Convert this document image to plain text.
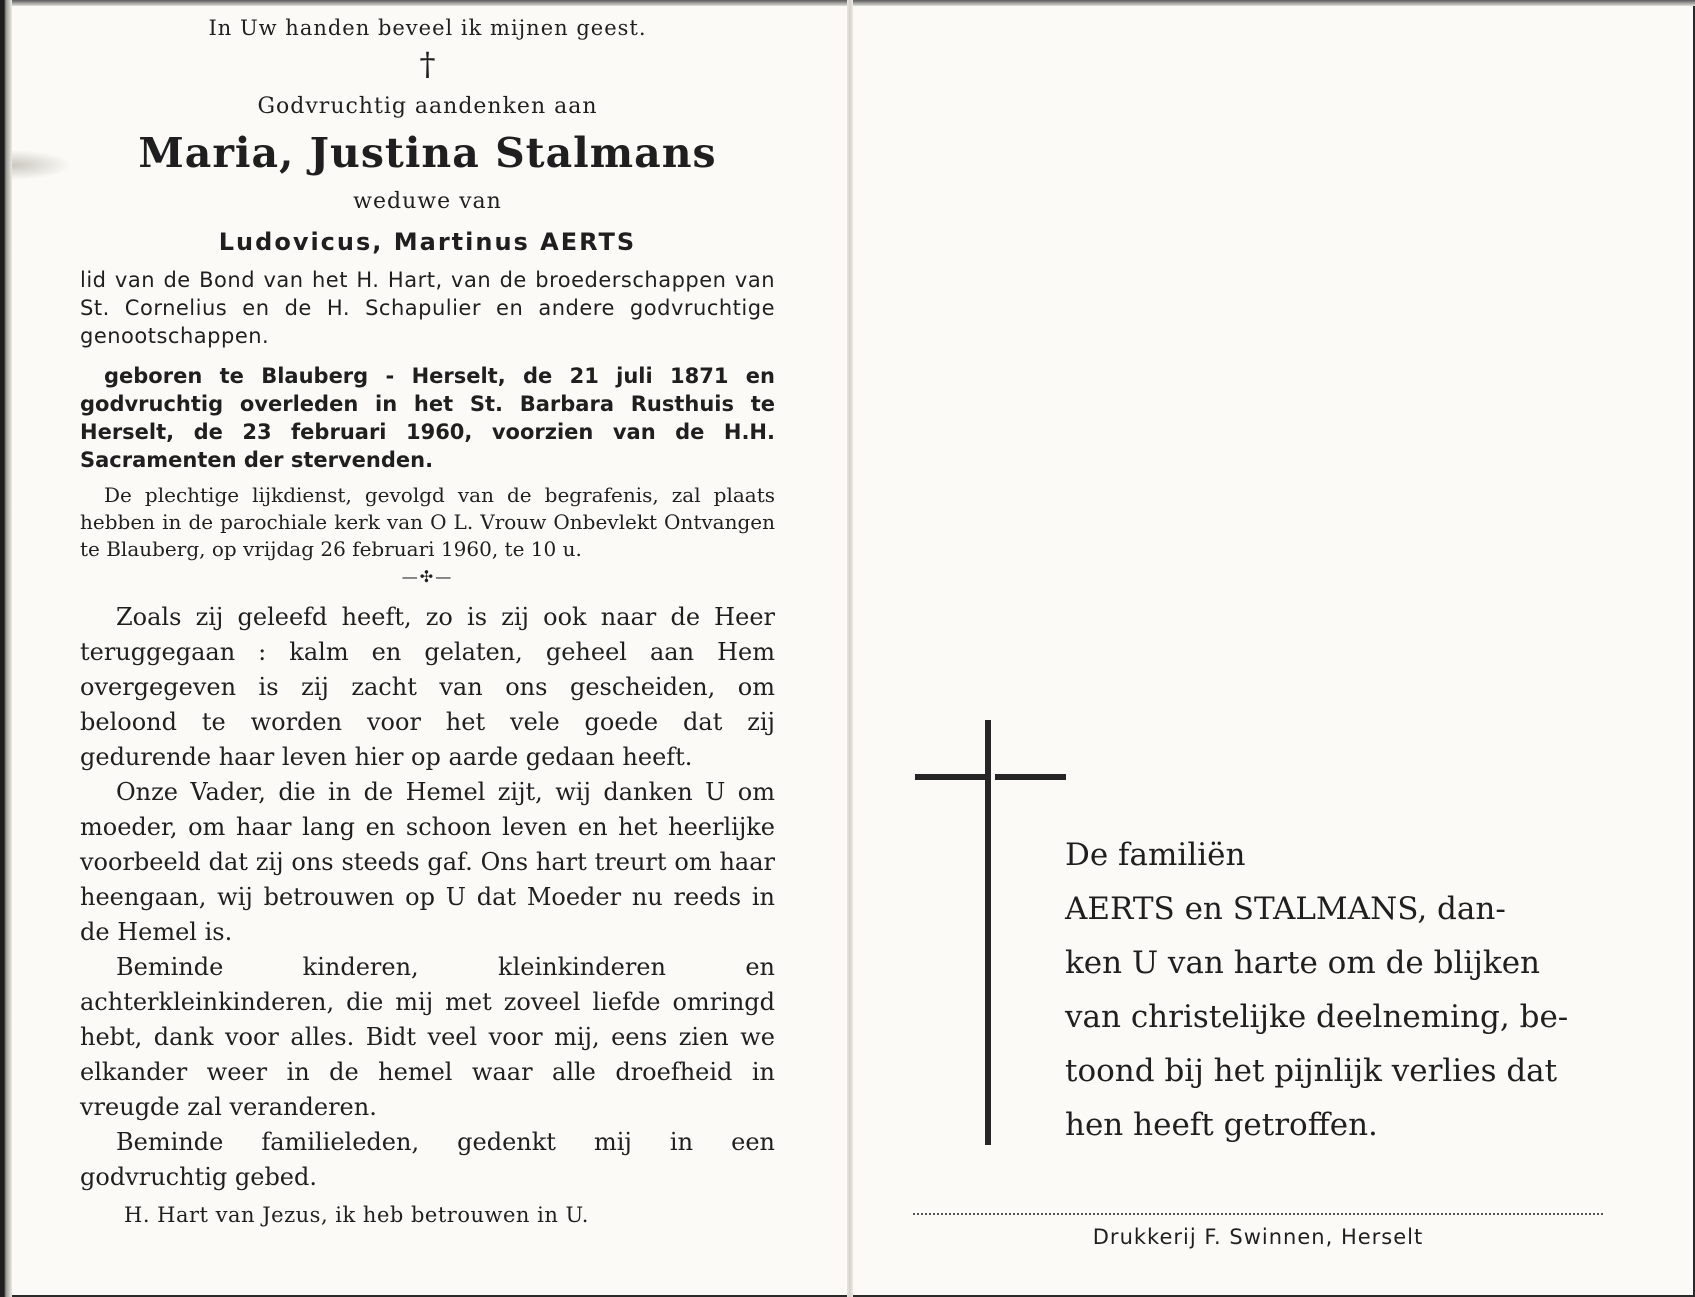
In Uw handen beveel ik mijnen geest.
†
Godvruchtig aandenken aan
Maria, Justina Stalmans
weduwe van
Ludovicus, Martinus AERTS
lid van de Bond van het H. Hart, van de broederschappen van St. Cornelius en de H. Schapulier en andere godvruchtige genootschappen.
geboren te Blauberg - Herselt, de 21 juli 1871 en godvruchtig overleden in het St. Barbara Rusthuis te Herselt, de 23 februari 1960, voorzien van de H.H. Sacramenten der stervenden.
De plechtige lijkdienst, gevolgd van de begrafenis, zal plaats hebben in de parochiale kerk van O L. Vrouw Onbevlekt Ontvangen te Blauberg, op vrijdag 26 februari 1960, te 10 u.
—✣—

Zoals zij geleefd heeft, zo is zij ook naar de Heer teruggegaan : kalm en gelaten, geheel aan Hem overgegeven is zij zacht van ons gescheiden, om beloond te worden voor het vele goede dat zij gedurende haar leven hier op aarde gedaan heeft.

Onze Vader, die in de Hemel zijt, wij danken U om moeder, om haar lang en schoon leven en het heerlijke voorbeeld dat zij ons steeds gaf. Ons hart treurt om haar heengaan, wij betrouwen op U dat Moeder nu reeds in de Hemel is.

Beminde kinderen, kleinkinderen en achterkleinkinderen, die mij met zoveel liefde omringd hebt, dank voor alles. Bidt veel voor mij, eens zien we elkander weer in de hemel waar alle droefheid in vreugde zal veranderen.

Beminde familieleden, gedenkt mij in een godvruchtig gebed.

H. Hart van Jezus, ik heb betrouwen in U.
De familiën
AERTS en STALMANS, dan-
ken U van harte om de blijken
van christelijke deelneming, be-
toond bij het pijnlijk verlies dat
hen heeft getroffen.
Drukkerij F. Swinnen, Herselt
